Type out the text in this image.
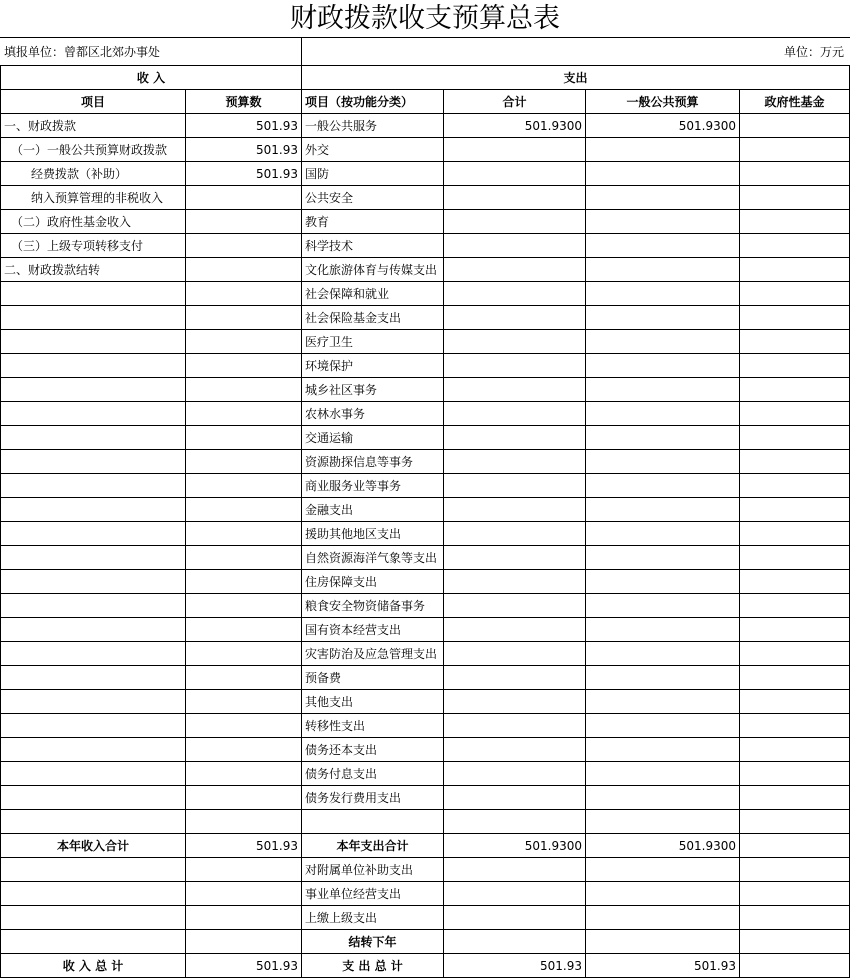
财政拨款收支预算总表
填报单位：曾都区北郊办事处	单位：万元
收 入		支出			
项目	预算数	项目（按功能分类）	合计	一般公共预算	政府性基金
一、财政拨款	501.93	一般公共服务	501.9300	501.9300	
（一）一般公共预算财政拨款	501.93	外交			
经费拨款（补助）	501.93	国防			
纳入预算管理的非税收入		公共安全			
（二）政府性基金收入		教育			
（三）上级专项转移支付		科学技术			
二、财政拨款结转		文化旅游体育与传媒支出			
		社会保障和就业			
		社会保险基金支出			
		医疗卫生			
		环境保护			
		城乡社区事务			
		农林水事务			
		交通运输			
		资源勘探信息等事务			
		商业服务业等事务			
		金融支出			
		援助其他地区支出			
		自然资源海洋气象等支出			
		住房保障支出			
		粮食安全物资储备事务			
		国有资本经营支出			
		灾害防治及应急管理支出			
		预备费			
		其他支出			
		转移性支出			
		债务还本支出			
		债务付息支出			
		债务发行费用支出			

本年收入合计	501.93	本年支出合计	501.9300	501.9300	
		对附属单位补助支出			
		事业单位经营支出			
		上缴上级支出			
		结转下年			
收 入 总 计	501.93	支 出 总 计	501.93	501.93	
